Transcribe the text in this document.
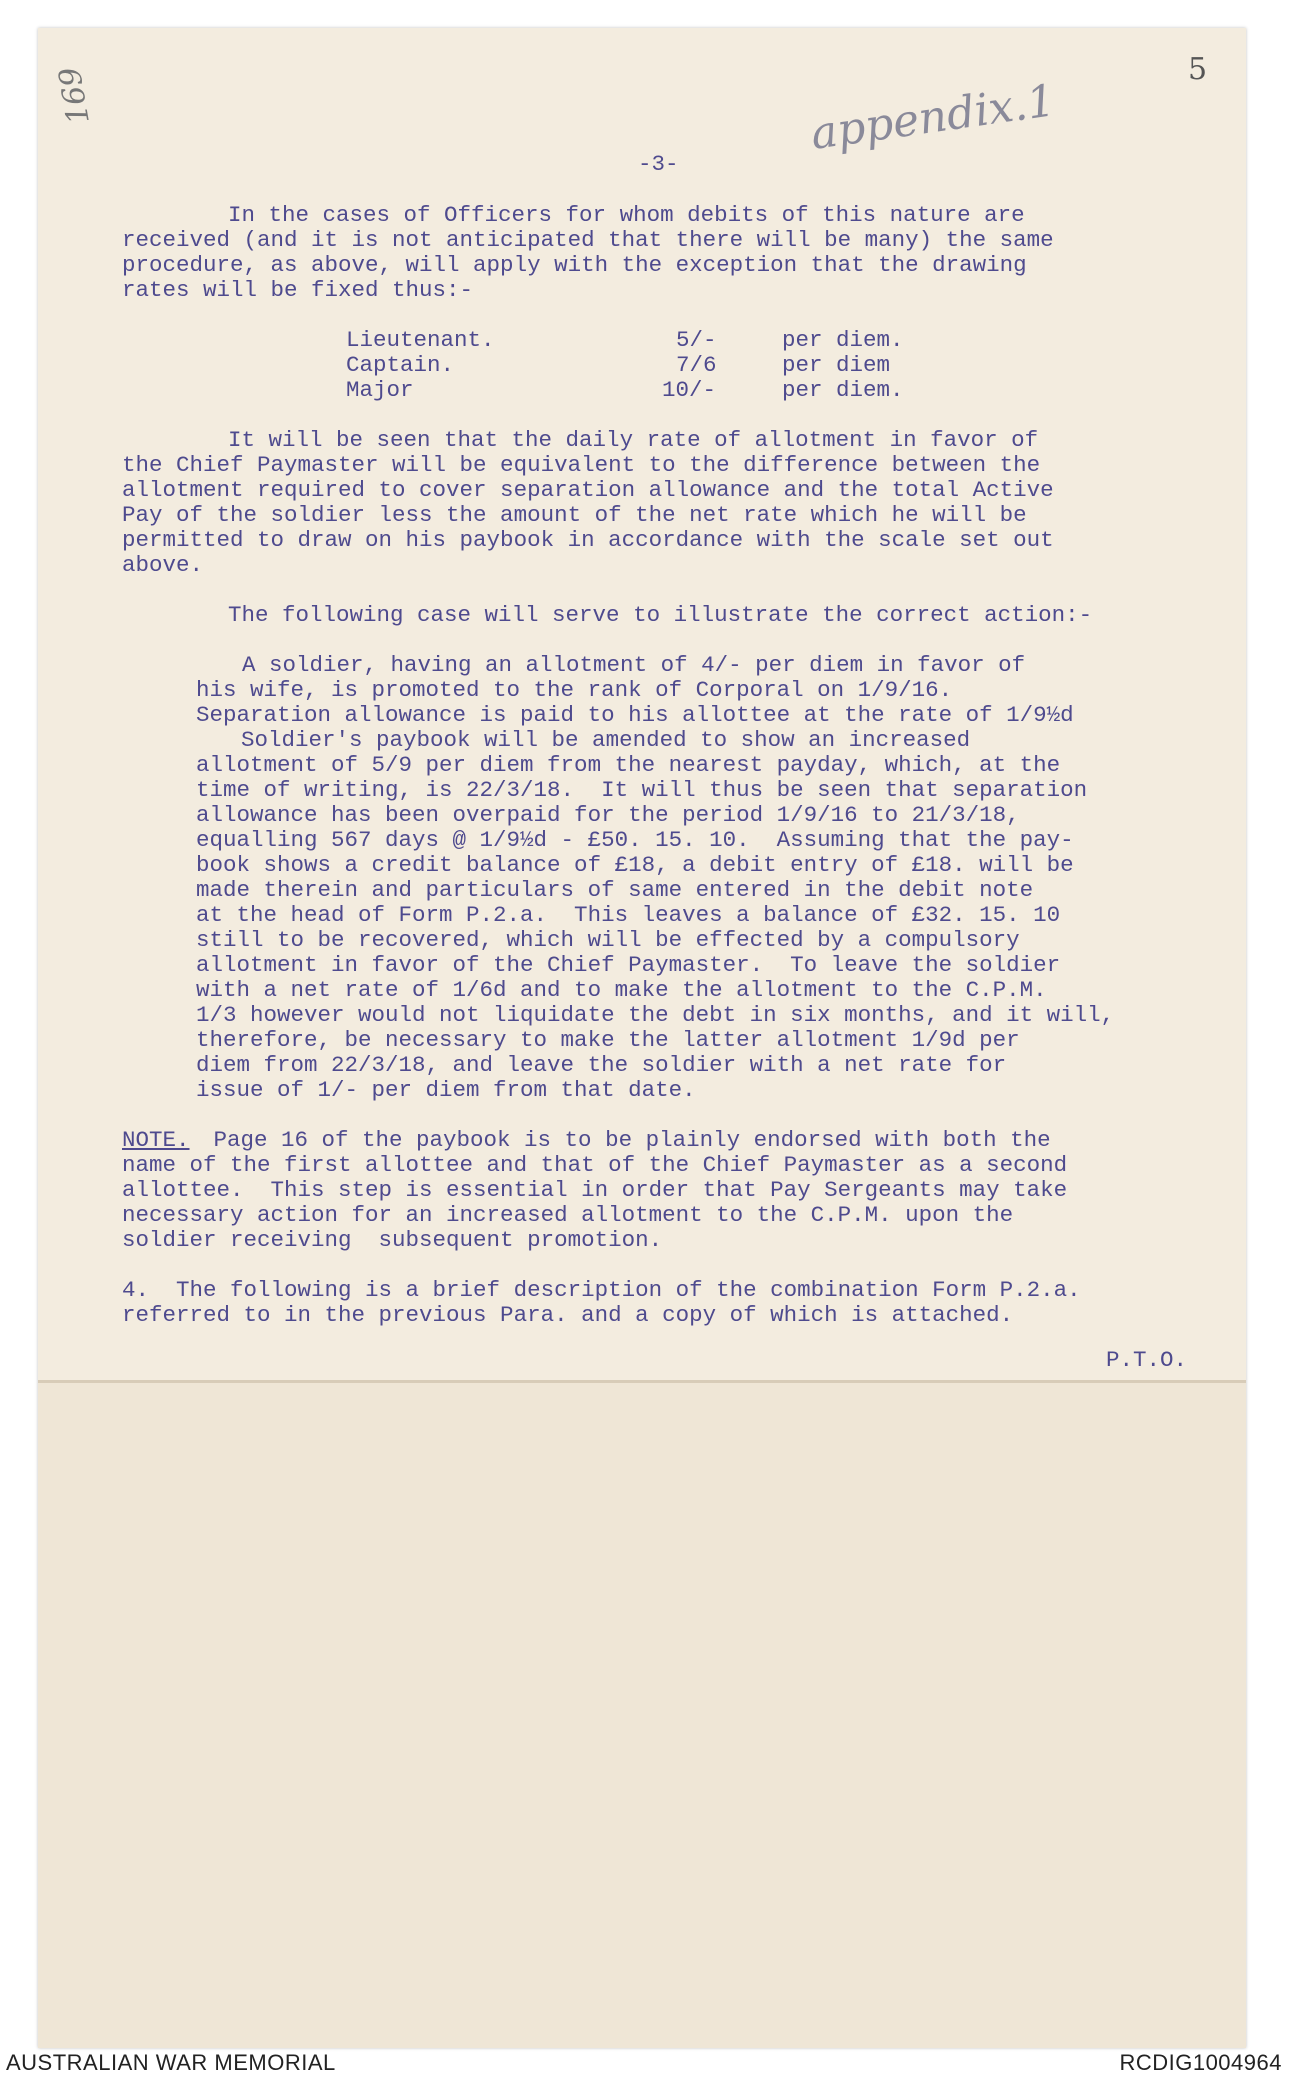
5
169	appendix.1
-3-
In the cases of Officers for whom debits of this nature are
received (and it is not anticipated that there will be many) the same
procedure, as above, will apply with the exception that the drawing
rates will be fixed thus:-
Lieutenant.	5/-	per diem.
Captain.	7/6	per diem
Major	10/-	per diem.
It will be seen that the daily rate of allotment in favor of
the Chief Paymaster will be equivalent to the difference between the
allotment required to cover separation allowance and the total Active
Pay of the soldier less the amount of the net rate which he will be
permitted to draw on his paybook in accordance with the scale set out
above.
The following case will serve to illustrate the correct action:-
A soldier, having an allotment of 4/- per diem in favor of
his wife, is promoted to the rank of Corporal on 1/9/16.
Separation allowance is paid to his allottee at the rate of 1/9½d
Soldier's paybook will be amended to show an increased
allotment of 5/9 per diem from the nearest payday, which, at the
time of writing, is 22/3/18.  It will thus be seen that separation
allowance has been overpaid for the period 1/9/16 to 21/3/18,
equalling 567 days @ 1/9½d - £50. 15. 10.  Assuming that the pay-
book shows a credit balance of £18, a debit entry of £18. will be
made therein and particulars of same entered in the debit note
at the head of Form P.2.a.  This leaves a balance of £32. 15. 10
still to be recovered, which will be effected by a compulsory
allotment in favor of the Chief Paymaster.  To leave the soldier
with a net rate of 1/6d and to make the allotment to the C.P.M.
1/3 however would not liquidate the debt in six months, and it will,
therefore, be necessary to make the latter allotment 1/9d per
diem from 22/3/18, and leave the soldier with a net rate for
issue of 1/- per diem from that date.
NOTE. Page 16 of the paybook is to be plainly endorsed with both the
name of the first allottee and that of the Chief Paymaster as a second
allottee.  This step is essential in order that Pay Sergeants may take
necessary action for an increased allotment to the C.P.M. upon the
soldier receiving  subsequent promotion.
4.  The following is a brief description of the combination Form P.2.a.
referred to in the previous Para. and a copy of which is attached.
P.T.O.
AUSTRALIAN WAR MEMORIAL	RCDIG1004964
